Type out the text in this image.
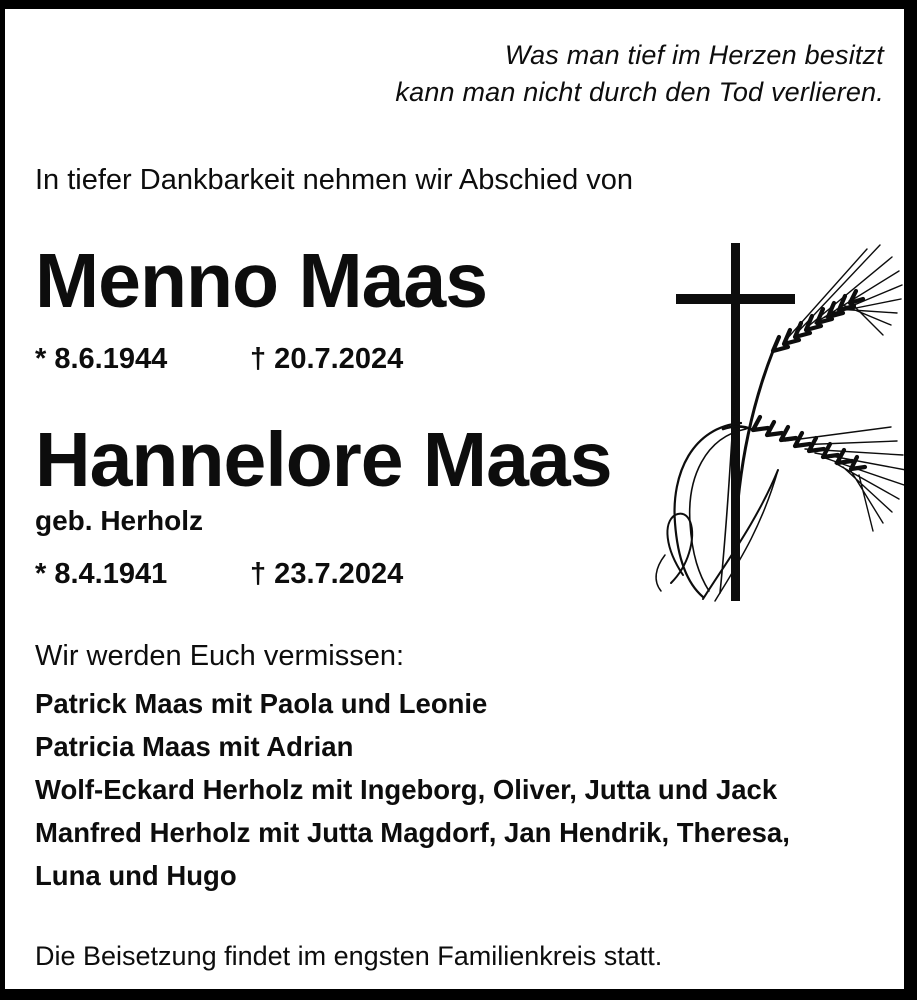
Was man tief im Herzen besitzt
kann man nicht durch den Tod verlieren.
In tiefer Dankbarkeit nehmen wir Abschied von
Menno Maas
* 8.6.1944	† 20.7.2024
Hannelore Maas
geb. Herholz
* 8.4.1941	† 23.7.2024
Wir werden Euch vermissen:
Patrick Maas mit Paola und Leonie
Patricia Maas mit Adrian
Wolf-Eckard Herholz mit Ingeborg, Oliver, Jutta und Jack
Manfred Herholz mit Jutta Magdorf, Jan Hendrik, Theresa,
Luna und Hugo
Die Beisetzung findet im engsten Familienkreis statt.
